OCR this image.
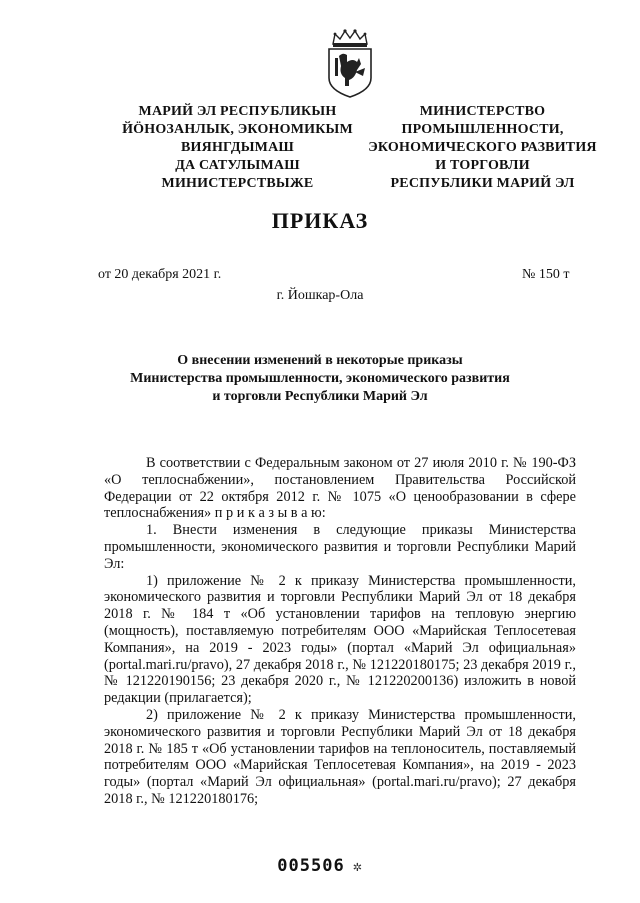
МАРИЙ ЭЛ РЕСПУБЛИКЫН
ЙӦНОЗАНЛЫК, ЭКОНОМИКЫМ
ВИЯНГДЫМАШ
ДА САТУЛЫМАШ
МИНИСТЕРСТВЫЖЕ
МИНИСТЕРСТВО
ПРОМЫШЛЕННОСТИ,
ЭКОНОМИЧЕСКОГО РАЗВИТИЯ
И ТОРГОВЛИ
РЕСПУБЛИКИ МАРИЙ ЭЛ
ПРИКАЗ
от 20 декабря 2021 г.	№ 150 т
г. Йошкар-Ола
О внесении изменений в некоторые приказы
Министерства промышленности, экономического развития
и торговли Республики Марий Эл

В соответствии с Федеральным законом от 27 июля 2010 г. № 190-ФЗ «О теплоснабжении», постановлением Правительства Российской Федерации от 22 октября 2012 г. № 1075 «О ценообразовании в сфере теплоснабжения» п р и к а з ы в а ю:

1. Внести изменения в следующие приказы Министерства промышленности, экономического развития и торговли Республики Марий Эл:

1) приложение № 2 к приказу Министерства промышленности, экономического развития и торговли Республики Марий Эл от 18 декабря 2018 г. № 184 т «Об установлении тарифов на тепловую энергию (мощность), поставляемую потребителям ООО «Марийская Теплосетевая Компания», на 2019 - 2023 годы» (портал «Марий Эл официальная» (portal.mari.ru/pravo), 27 декабря 2018 г., № 121220180175; 23 декабря 2019 г., № 121220190156; 23 декабря 2020 г., № 121220200136) изложить в новой редакции (прилагается);

2) приложение № 2 к приказу Министерства промышленности, экономического развития и торговли Республики Марий Эл от 18 декабря 2018 г. № 185 т «Об установлении тарифов на теплоноситель, поставляемый потребителям ООО «Марийская Теплосетевая Компания», на 2019 - 2023 годы» (портал «Марий Эл официальная» (portal.mari.ru/pravo); 27 декабря 2018 г., № 121220180176;

005506 ✲
